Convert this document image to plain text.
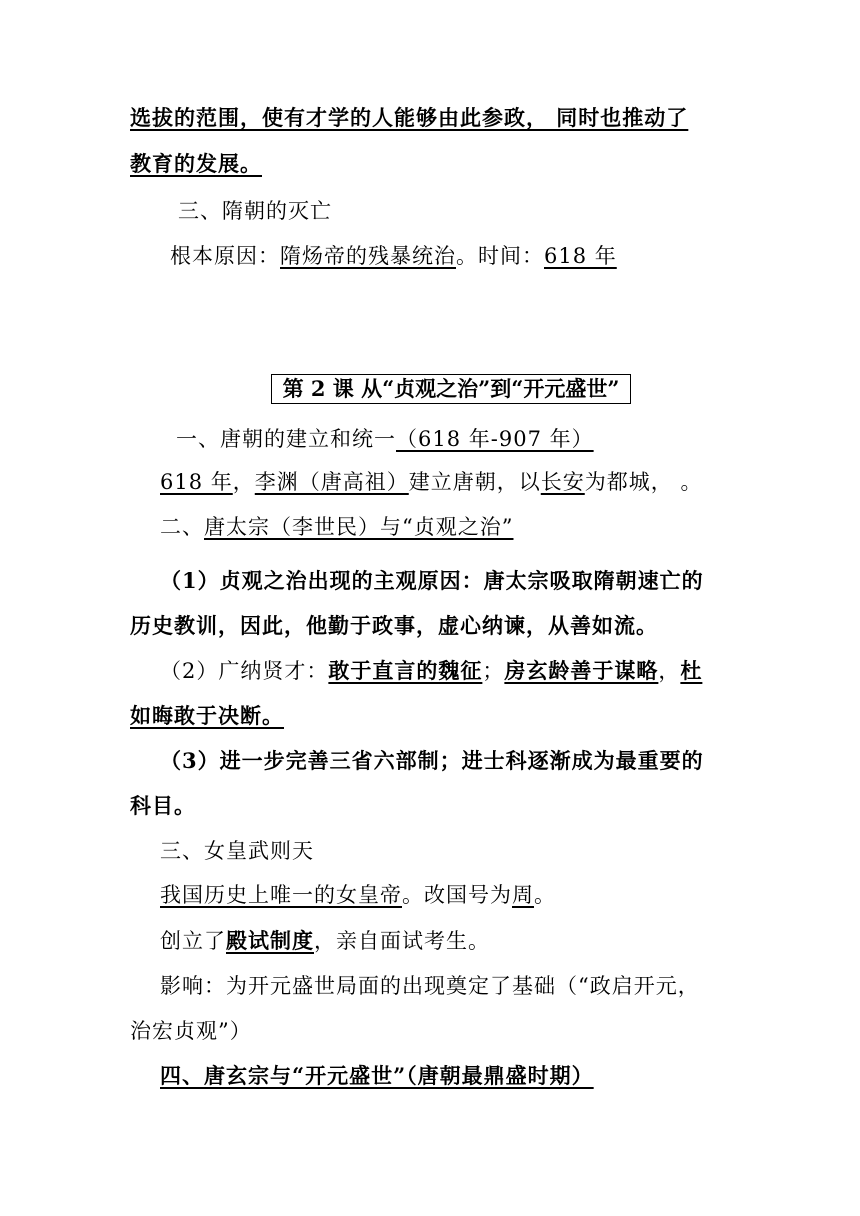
选拔的范围，使有才学的人能够由此参政， 同时也推动了
教育的发展。
三、隋朝的灭亡
根本原因：隋炀帝的残暴统治。时间：618 年
第 2 课 从“贞观之治”到“开元盛世”
一、唐朝的建立和统一（618 年-907 年）
618 年，李渊（唐高祖）建立唐朝，以长安为都城， 。
二、唐太宗（李世民）与“贞观之治”
（1）贞观之治出现的主观原因：唐太宗吸取隋朝速亡的
历史教训，因此，他勤于政事，虚心纳谏，从善如流。
（2）广纳贤才：敢于直言的魏征；房玄龄善于谋略，杜
如晦敢于决断。
（3）进一步完善三省六部制；进士科逐渐成为最重要的
科目。
三、女皇武则天
我国历史上唯一的女皇帝。改国号为周。
创立了殿试制度，亲自面试考生。
影响：为开元盛世局面的出现奠定了基础（“政启开元，
治宏贞观”）
四、唐玄宗与“开元盛世”（唐朝最鼎盛时期）
